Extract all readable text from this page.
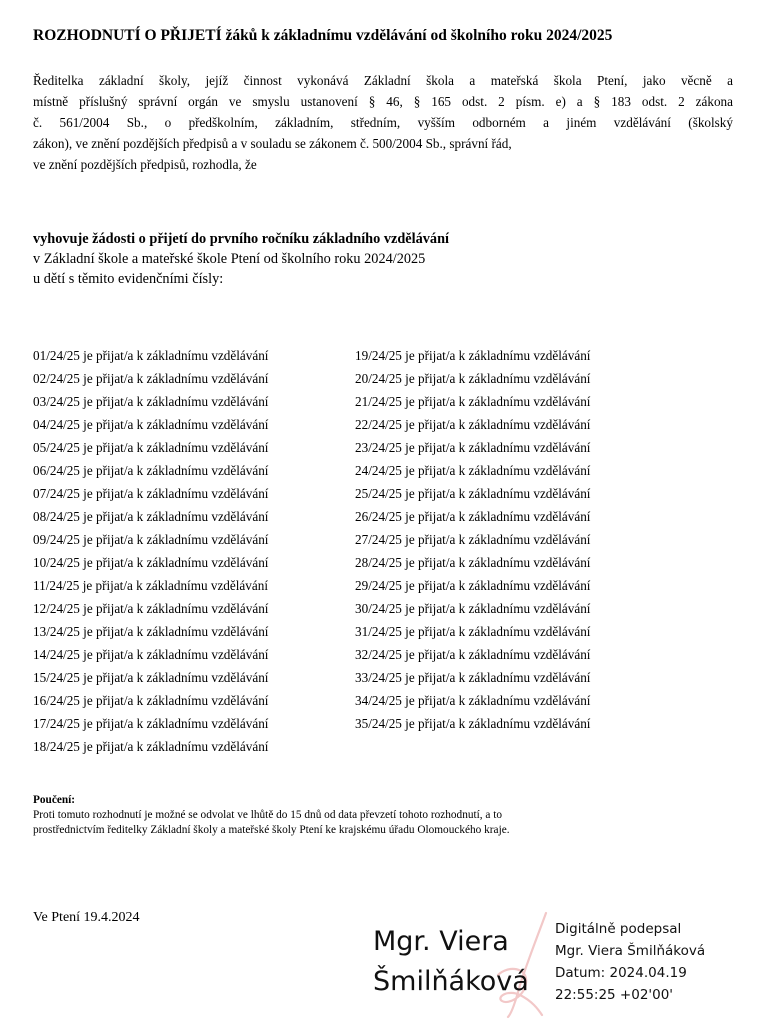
ROZHODNUTÍ O PŘIJETÍ žáků k základnímu vzdělávání od školního roku 2024/2025
Ředitelka základní školy, jejíž činnost vykonává Základní škola a mateřská škola Ptení, jako věcně a
místně příslušný správní orgán ve smyslu ustanovení § 46, § 165 odst. 2 písm. e) a § 183 odst. 2 zákona
č. 561/2004 Sb., o předškolním, základním, středním, vyšším odborném a jiném vzdělávání (školský
zákon), ve znění pozdějších předpisů a v souladu se zákonem č. 500/2004 Sb., správní řád,
ve znění pozdějších předpisů, rozhodla, že
vyhovuje žádosti o přijetí do prvního ročníku základního vzdělávání
v Základní škole a mateřské škole Ptení od školního roku 2024/2025
u dětí s těmito evidenčními čísly:
01/24/25 je přijat/a k základnímu vzdělávání
02/24/25 je přijat/a k základnímu vzdělávání
03/24/25 je přijat/a k základnímu vzdělávání
04/24/25 je přijat/a k základnímu vzdělávání
05/24/25 je přijat/a k základnímu vzdělávání
06/24/25 je přijat/a k základnímu vzdělávání
07/24/25 je přijat/a k základnímu vzdělávání
08/24/25 je přijat/a k základnímu vzdělávání
09/24/25 je přijat/a k základnímu vzdělávání
10/24/25 je přijat/a k základnímu vzdělávání
11/24/25 je přijat/a k základnímu vzdělávání
12/24/25 je přijat/a k základnímu vzdělávání
13/24/25 je přijat/a k základnímu vzdělávání
14/24/25 je přijat/a k základnímu vzdělávání
15/24/25 je přijat/a k základnímu vzdělávání
16/24/25 je přijat/a k základnímu vzdělávání
17/24/25 je přijat/a k základnímu vzdělávání
18/24/25 je přijat/a k základnímu vzdělávání
19/24/25 je přijat/a k základnímu vzdělávání
20/24/25 je přijat/a k základnímu vzdělávání
21/24/25 je přijat/a k základnímu vzdělávání
22/24/25 je přijat/a k základnímu vzdělávání
23/24/25 je přijat/a k základnímu vzdělávání
24/24/25 je přijat/a k základnímu vzdělávání
25/24/25 je přijat/a k základnímu vzdělávání
26/24/25 je přijat/a k základnímu vzdělávání
27/24/25 je přijat/a k základnímu vzdělávání
28/24/25 je přijat/a k základnímu vzdělávání
29/24/25 je přijat/a k základnímu vzdělávání
30/24/25 je přijat/a k základnímu vzdělávání
31/24/25 je přijat/a k základnímu vzdělávání
32/24/25 je přijat/a k základnímu vzdělávání
33/24/25 je přijat/a k základnímu vzdělávání
34/24/25 je přijat/a k základnímu vzdělávání
35/24/25 je přijat/a k základnímu vzdělávání
Poučení:
Proti tomuto rozhodnutí je možné se odvolat ve lhůtě do 15 dnů od data převzetí tohoto rozhodnutí, a to
prostřednictvím ředitelky Základní školy a mateřské školy Ptení ke krajskému úřadu Olomouckého kraje.
Ve Ptení 19.4.2024
Mgr. Viera
Šmilňáková
Digitálně podepsal
Mgr. Viera Šmilňáková
Datum: 2024.04.19
22:55:25 +02'00'
